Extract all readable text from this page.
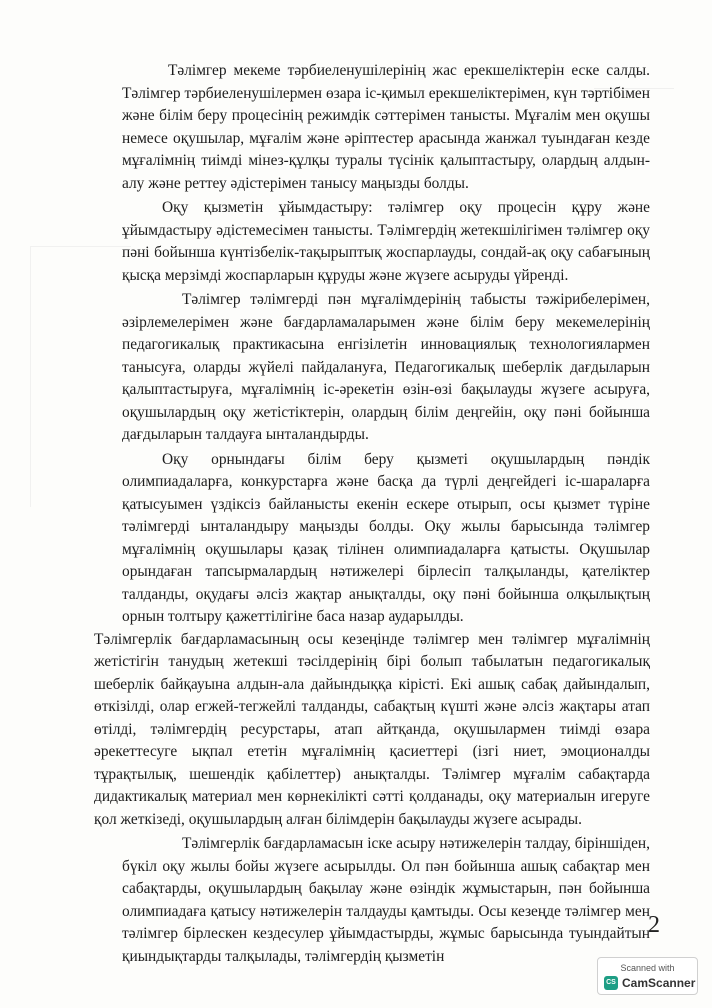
Тәлімгер мекеме тәрбиеленушілерінің жас ерекшеліктерін еске салды. Тәлімгер тәрбиеленушілермен өзара іс-қимыл ерекшеліктерімен, күн тәртібімен және білім беру процесінің режимдік сәттерімен танысты. Мұғалім мен оқушы немесе оқушылар, мұғалім және әріптестер арасында жанжал туындаған кезде мұғалімнің тиімді мінез-құлқы туралы түсінік қалыптастыру, олардың алдын-алу және реттеу әдістерімен танысу маңызды болды.

Оқу қызметін ұйымдастыру: тәлімгер оқу процесін құру және ұйымдастыру әдістемесімен танысты. Тәлімгердің жетекшілігімен тәлімгер оқу пәні бойынша күнтізбелік-тақырыптық жоспарлауды, сондай-ақ оқу сабағының қысқа мерзімді жоспарларын құруды және жүзеге асыруды үйренді.

Тәлімгер тәлімгерді пән мұғалімдерінің табысты тәжірибелерімен, әзірлемелерімен және бағдарламаларымен және білім беру мекемелерінің педагогикалық практикасына енгізілетін инновациялық технологиялармен танысуға, оларды жүйелі пайдалануға, Педагогикалық шеберлік дағдыларын қалыптастыруға, мұғалімнің іс-әрекетін өзін-өзі бақылауды жүзеге асыруға, оқушылардың оқу жетістіктерін, олардың білім деңгейін, оқу пәні бойынша дағдыларын талдауға ынталандырды.

Оқу орнындағы білім беру қызметі оқушылардың пәндік олимпиадаларға, конкурстарға және басқа да түрлі деңгейдегі іс-шараларға қатысуымен үздіксіз байланысты екенін ескере отырып, осы қызмет түріне тәлімгерді ынталандыру маңызды болды. Оқу жылы барысында тәлімгер мұғалімнің оқушылары қазақ тілінен олимпиадаларға қатысты. Оқушылар орындаған тапсырмалардың нәтижелері бірлесіп талқыланды, қателіктер талданды, оқудағы әлсіз жақтар анықталды, оқу пәні бойынша олқылықтың орнын толтыру қажеттілігіне баса назар аударылды.

Тәлімгерлік бағдарламасының осы кезеңінде тәлімгер мен тәлімгер мұғалімнің жетістігін танудың жетекші тәсілдерінің бірі болып табылатын педагогикалық шеберлік байқауына алдын-ала дайындыққа кірісті. Екі ашық сабақ дайындалып, өткізілді, олар егжей-тегжейлі талданды, сабақтың күшті және әлсіз жақтары атап өтілді, тәлімгердің ресурстары, атап айтқанда, оқушылармен тиімді өзара әрекеттесуге ықпал ететін мұғалімнің қасиеттері (ізгі ниет, эмоционалды тұрақтылық, шешендік қабілеттер) анықталды. Тәлімгер мұғалім сабақтарда дидактикалық материал мен көрнекілікті сәтті қолданады, оқу материалын игеруге қол жеткізеді, оқушылардың алған білімдерін бақылауды жүзеге асырады.

Тәлімгерлік бағдарламасын іске асыру нәтижелерін талдау, біріншіден, бүкіл оқу жылы бойы жүзеге асырылды. Ол пән бойынша ашық сабақтар мен сабақтарды, оқушылардың бақылау және өзіндік жұмыстарын, пән бойынша олимпиадаға қатысу нәтижелерін талдауды қамтыды. Осы кезеңде тәлімгер мен тәлімгер бірлескен кездесулер ұйымдастырды, жұмыс барысында туындайтын қиындықтарды талқылады, тәлімгердің қызметін

2
Scanned with
CS CamScanner
